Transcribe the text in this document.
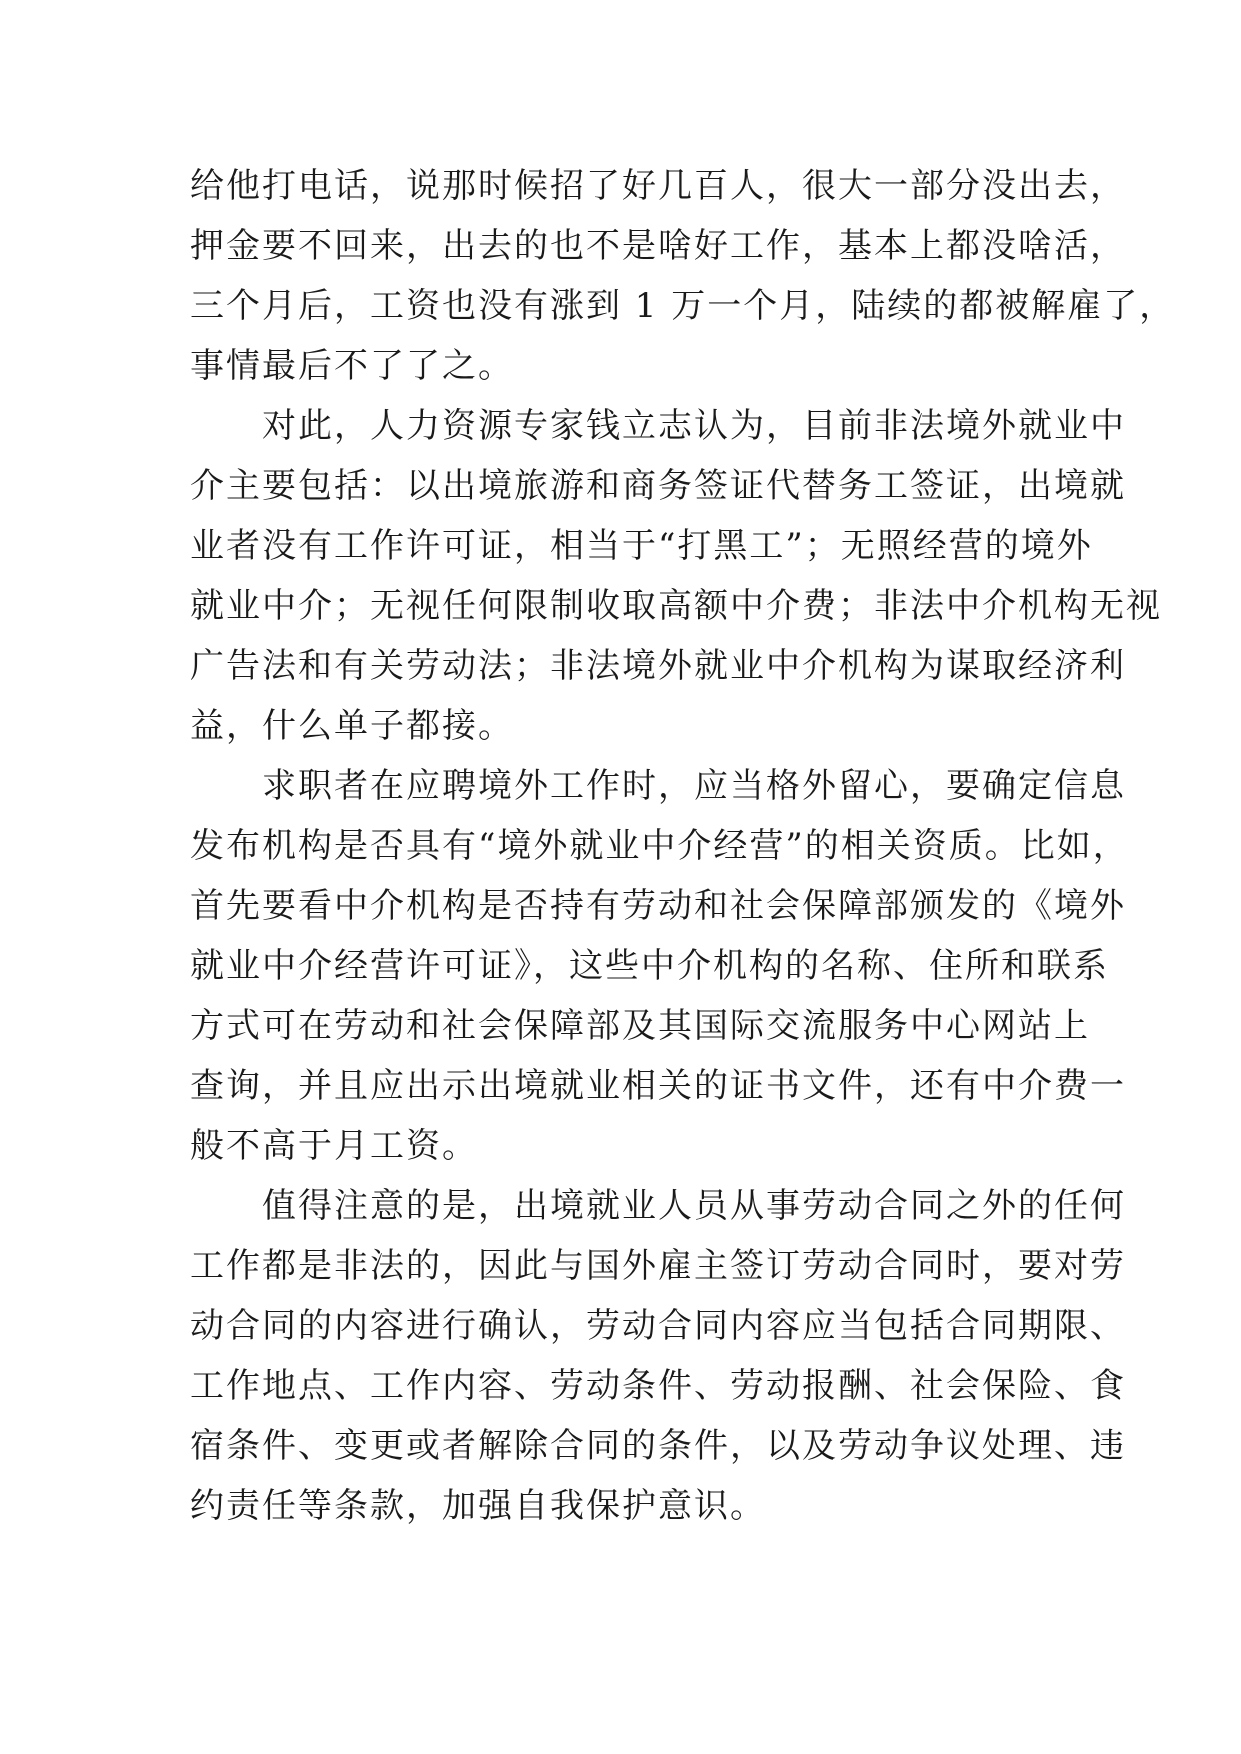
给他打电话，说那时候招了好几百人，很大一部分没出去，
押金要不回来，出去的也不是啥好工作，基本上都没啥活，
三个月后，工资也没有涨到 1 万一个月，陆续的都被解雇了，
事情最后不了了之。

　　对此，人力资源专家钱立志认为，目前非法境外就业中
介主要包括：以出境旅游和商务签证代替务工签证，出境就
业者没有工作许可证，相当于“打黑工”；无照经营的境外
就业中介；无视任何限制收取高额中介费；非法中介机构无视
广告法和有关劳动法；非法境外就业中介机构为谋取经济利
益，什么单子都接。

　　求职者在应聘境外工作时，应当格外留心，要确定信息
发布机构是否具有“境外就业中介经营”的相关资质。比如，
首先要看中介机构是否持有劳动和社会保障部颁发的《境外
就业中介经营许可证》，这些中介机构的名称、住所和联系
方式可在劳动和社会保障部及其国际交流服务中心网站上
查询，并且应出示出境就业相关的证书文件，还有中介费一
般不高于月工资。

　　值得注意的是，出境就业人员从事劳动合同之外的任何
工作都是非法的，因此与国外雇主签订劳动合同时，要对劳
动合同的内容进行确认，劳动合同内容应当包括合同期限、
工作地点、工作内容、劳动条件、劳动报酬、社会保险、食
宿条件、变更或者解除合同的条件，以及劳动争议处理、违
约责任等条款，加强自我保护意识。
